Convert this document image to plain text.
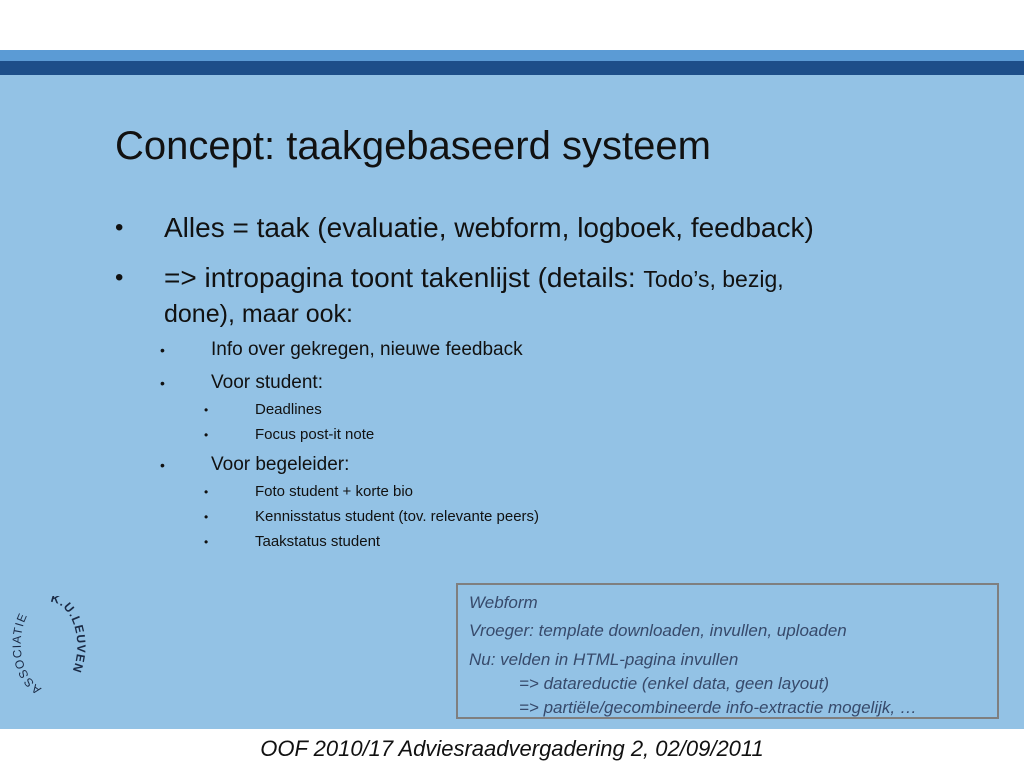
Concept: taakgebaseerd systeem
• Alles = taak (evaluatie, webform, logboek, feedback)
• => intropagina toont takenlijst (details: Todo’s, bezig,
done), maar ook:
• Info over gekregen, nieuwe feedback
• Voor student:
•	Deadlines
•	Focus post-it note
• Voor begeleider:
•	Foto student + korte bio
•	Kennisstatus student (tov. relevante peers)
•	Taakstatus student
Webform
Vroeger: template downloaden, invullen, uploaden
Nu: velden in HTML-pagina invullen
=> datareductie (enkel data, geen layout)
=> partiële/gecombineerde info-extractie mogelijk, …
ASSO IE
K.U.LEUVEN
OOF 2010/17 Adviesraadvergadering 2, 02/09/2011
